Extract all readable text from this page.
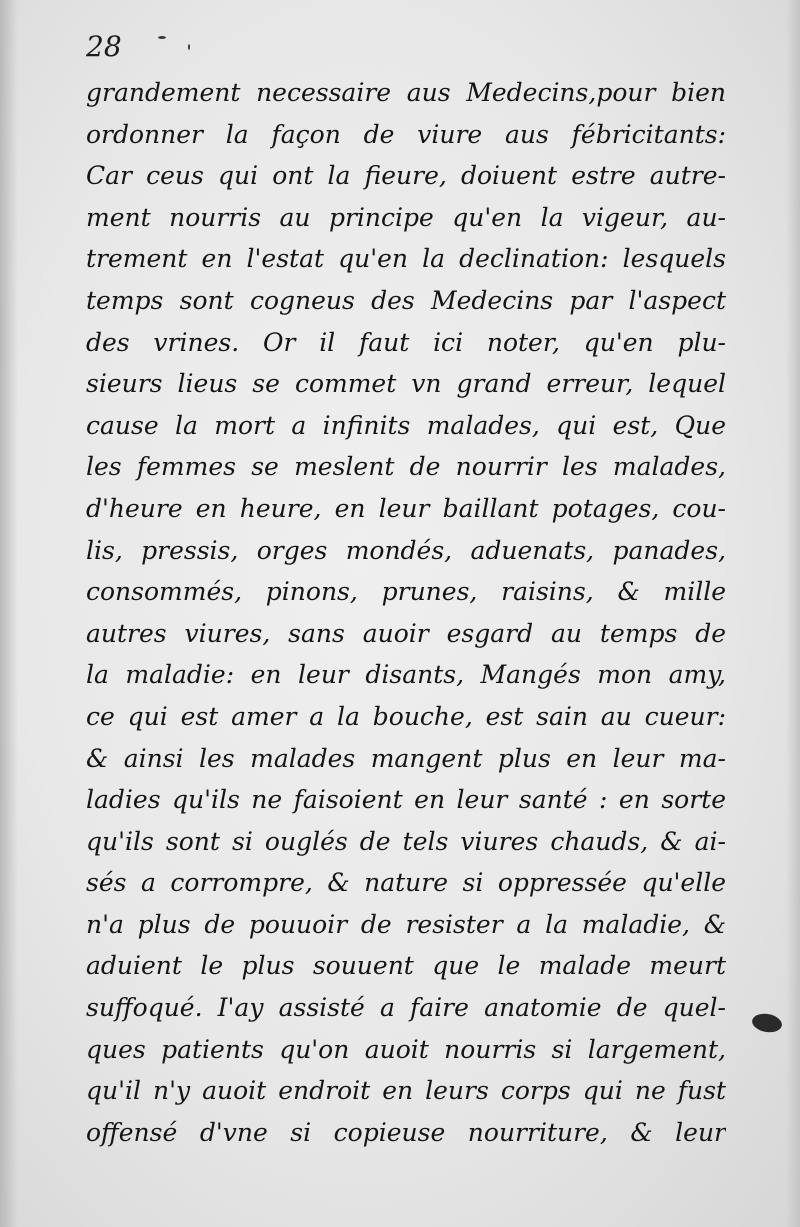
28
grandement necessaire aus Medecins,pour bien
ordonner la façon de viure aus fébricitants:
Car ceus qui ont la fieure, doiuent estre autre-
ment nourris au principe qu'en la vigeur, au-
trement en l'estat qu'en la declination: lesquels
temps sont cogneus des Medecins par l'aspect
des vrines. Or il faut ici noter, qu'en plu-
sieurs lieus se commet vn grand erreur, lequel
cause la mort a infinits malades, qui est, Que
les femmes se meslent de nourrir les malades,
d'heure en heure, en leur baillant potages, cou-
lis, pressis, orges mondés, aduenats, panades,
consommés, pinons, prunes, raisins, & mille
autres viures, sans auoir esgard au temps de
la maladie: en leur disants, Mangés mon amy,
ce qui est amer a la bouche, est sain au cueur:
& ainsi les malades mangent plus en leur ma-
ladies qu'ils ne faisoient en leur santé : en sorte
qu'ils sont si ouglés de tels viures chauds, & ai-
sés a corrompre, & nature si oppressée qu'elle
n'a plus de pouuoir de resister a la maladie, &
aduient le plus souuent que le malade meurt
suffoqué. I'ay assisté a faire anatomie de quel-
ques patients qu'on auoit nourris si largement,
qu'il n'y auoit endroit en leurs corps qui ne fust
offensé d'vne si copieuse nourriture, & leur
